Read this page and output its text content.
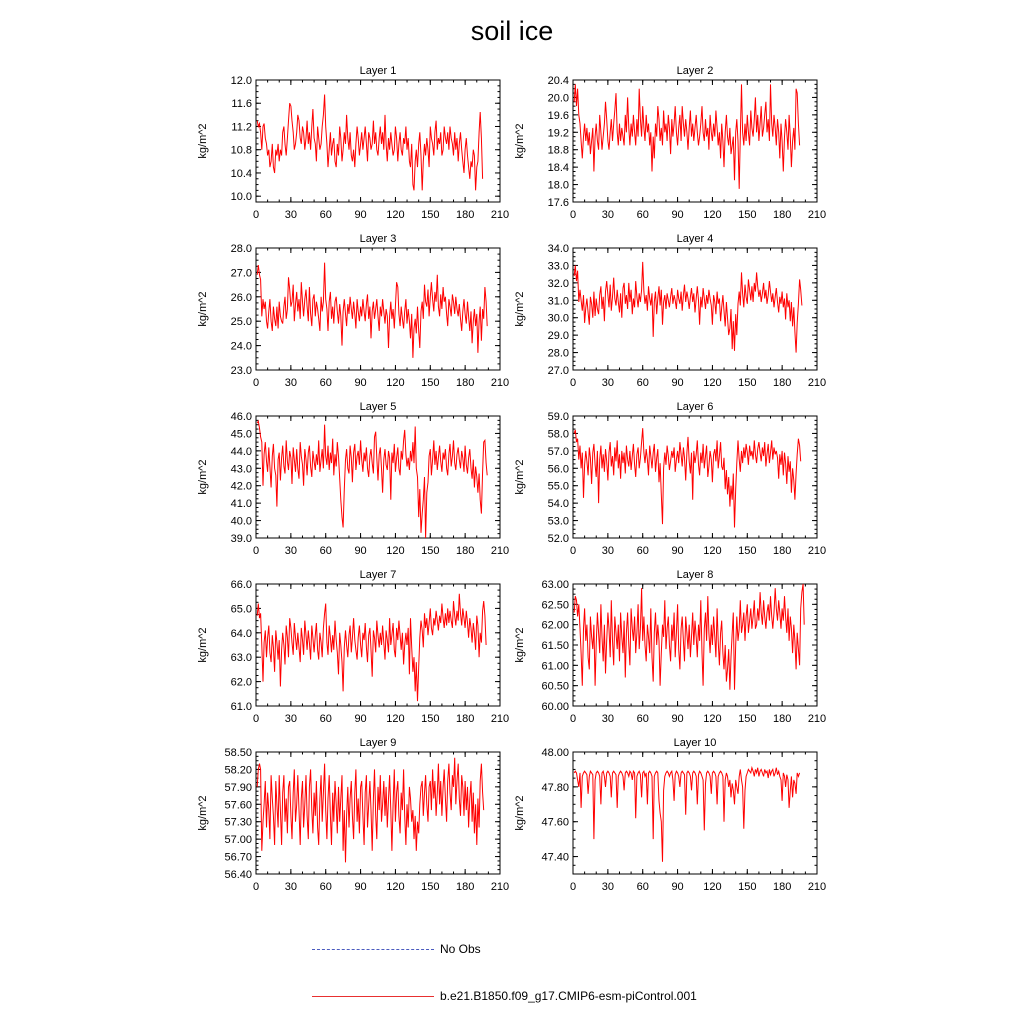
soil ice
Layer 1
0 30 60 90 120 150 180 210
10.0
10.4
10.8
11.2
11.6
12.0
kg/m^2
Layer 2
0 30 60 90 120 150 180 210
17.6
18.0
18.4
18.8
19.2
19.6
20.0
20.4
kg/m^2
Layer 3
0 30 60 90 120 150 180 210
23.0
24.0
25.0
26.0
27.0
28.0
kg/m^2
Layer 4
0 30 60 90 120 150 180 210
27.0
28.0
29.0
30.0
31.0
32.0
33.0
34.0
kg/m^2
Layer 5
0 30 60 90 120 150 180 210
39.0
40.0
41.0
42.0
43.0
44.0
45.0
46.0
kg/m^2
Layer 6
0 30 60 90 120 150 180 210
52.0
53.0
54.0
55.0
56.0
57.0
58.0
59.0
kg/m^2
Layer 7
0 30 60 90 120 150 180 210
61.0
62.0
63.0
64.0
65.0
66.0
kg/m^2
Layer 8
0 30 60 90 120 150 180 210
60.00
60.50
61.00
61.50
62.00
62.50
63.00
kg/m^2
Layer 9
0 30 60 90 120 150 180 210
56.40
56.70
57.00
57.30
57.60
57.90
58.20
58.50
kg/m^2
Layer 10
0 30 60 90 120 150 180 210
47.40
47.60
47.80
48.00
kg/m^2
No Obs
b.e21.B1850.f09_g17.CMIP6-esm-piControl.001
